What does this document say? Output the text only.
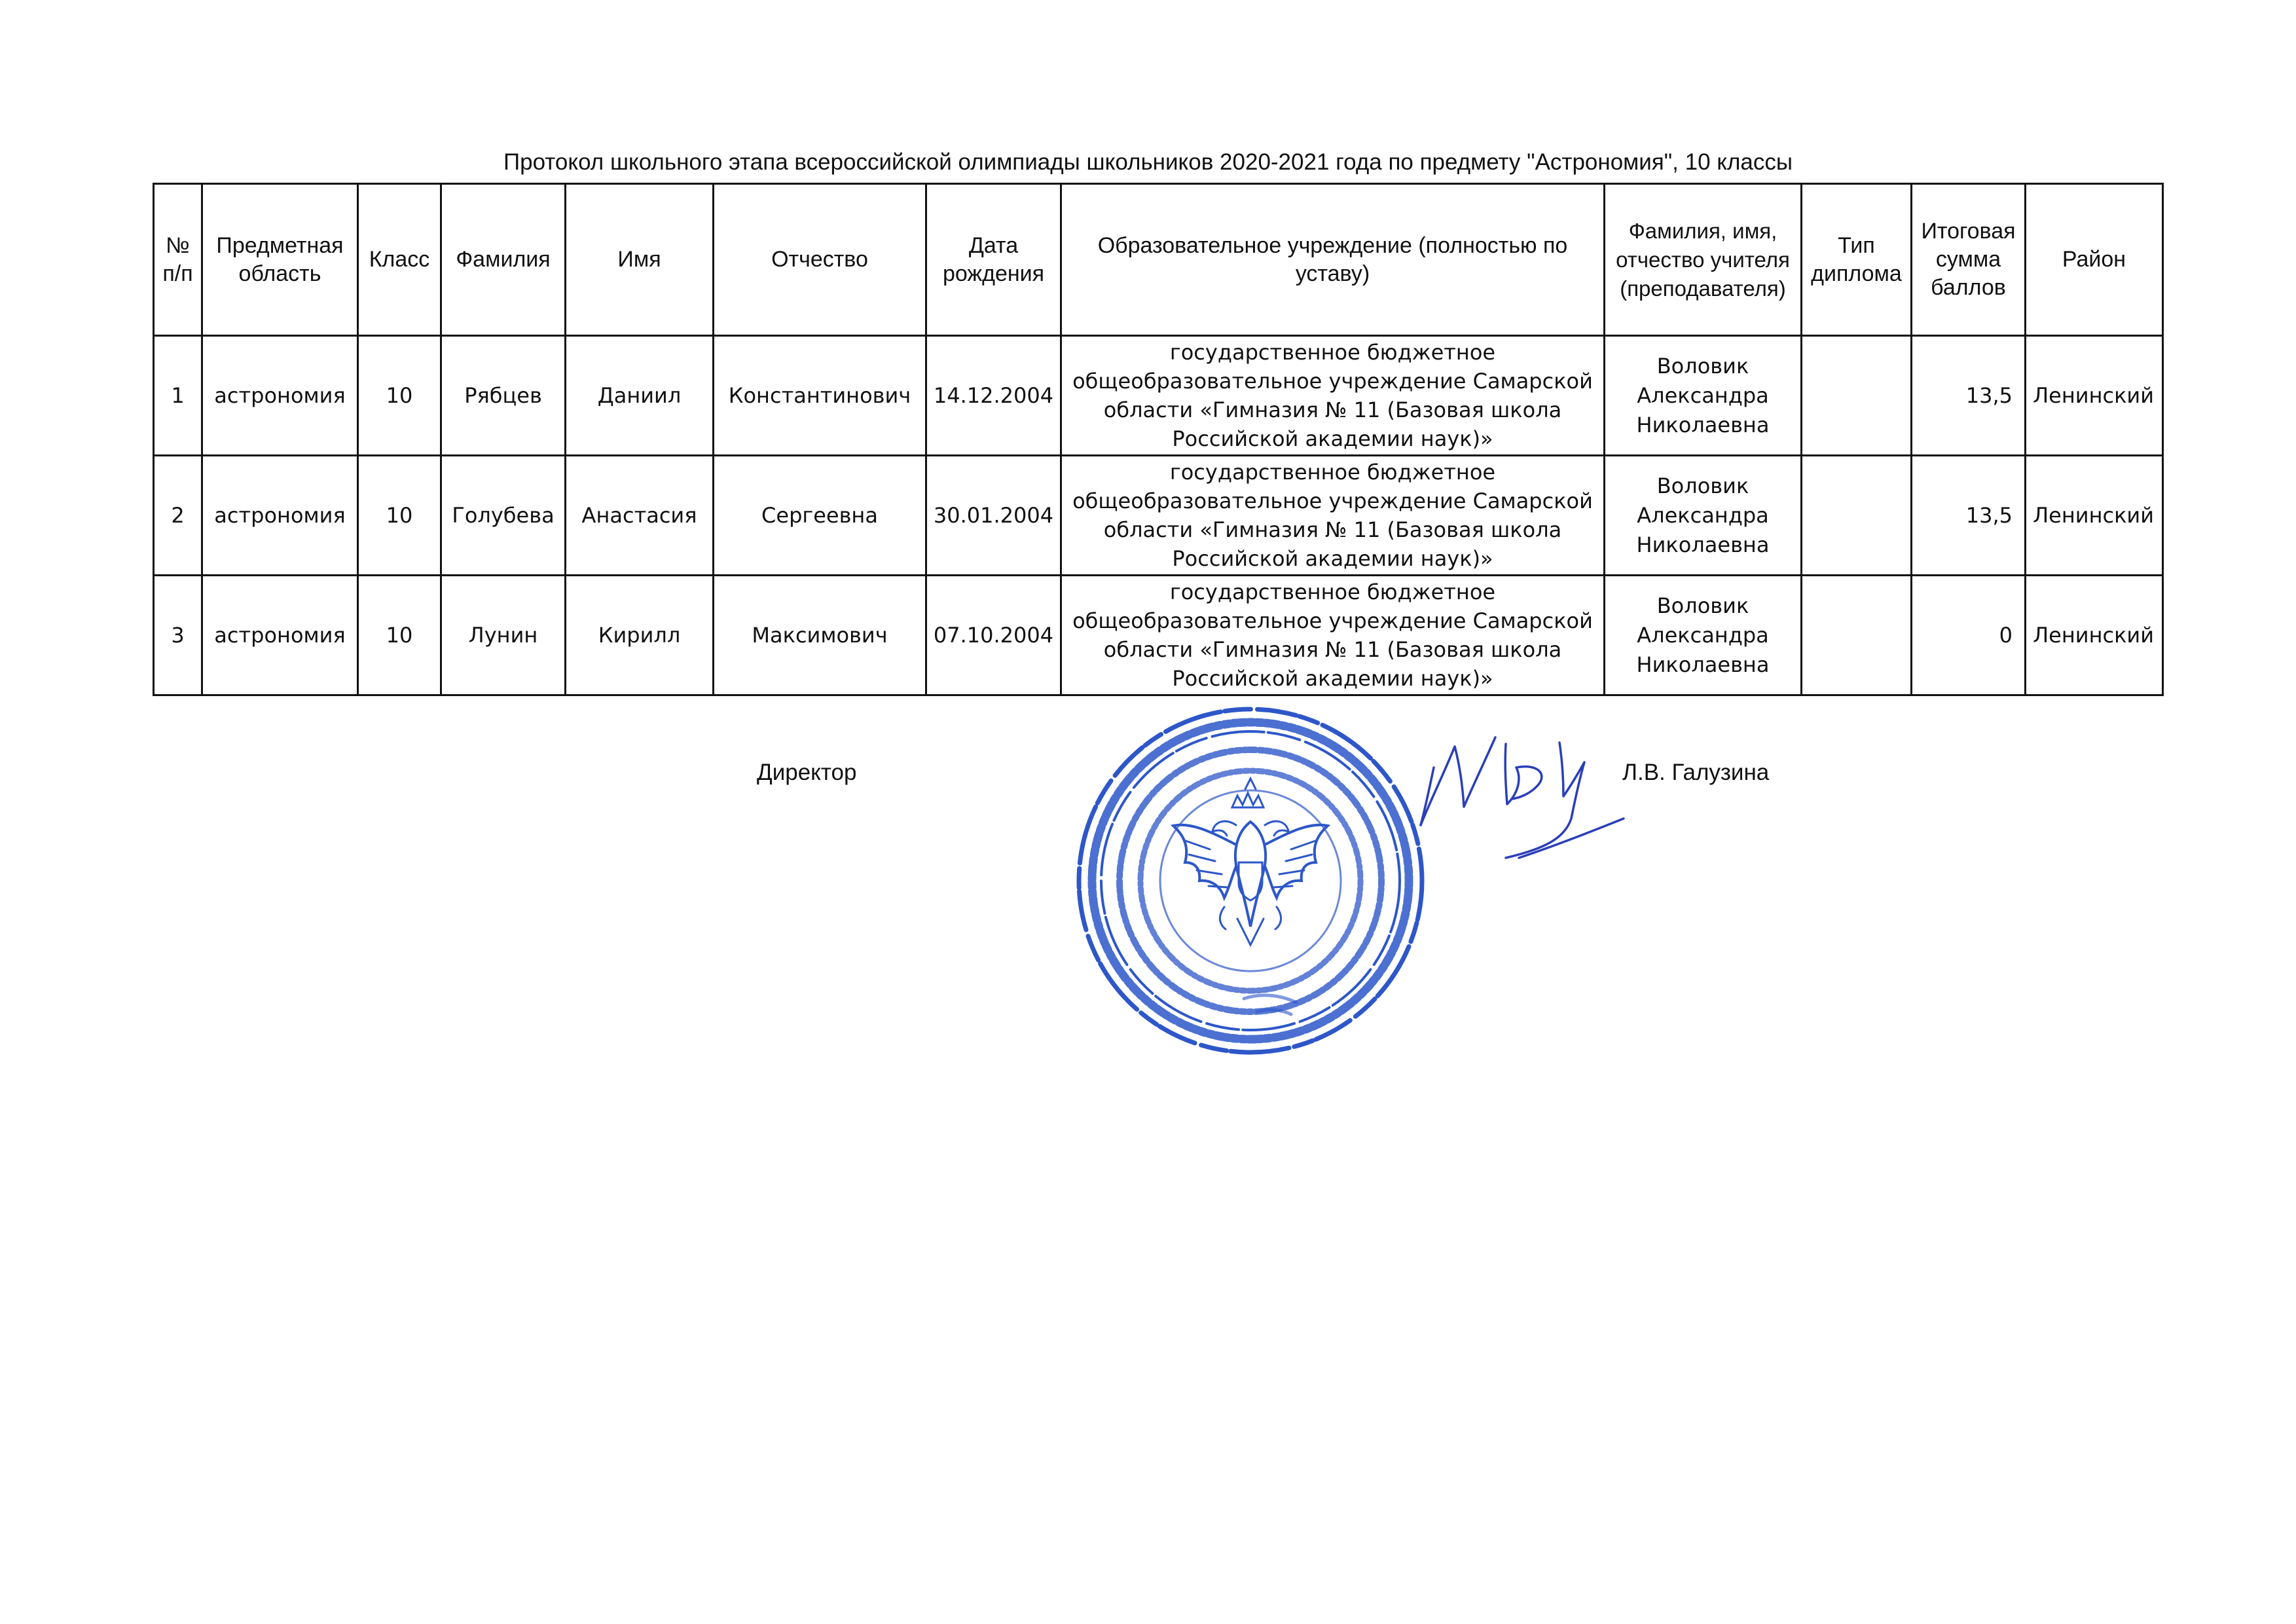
Протокол школьного этапа всероссийской олимпиады школьников 2020-2021 года по предмету "Астрономия", 10 классы
№ п/п	Предметная область	Класс	Фамилия	Имя	Отчество	Дата рождения	Образовательное учреждение (полностью по уставу)	Фамилия, имя, отчество учителя (преподавателя)	Тип диплома	Итоговая сумма баллов	Район
1	астрономия	10	Рябцев	Даниил	Константинович	14.12.2004	государственное бюджетное общеобразовательное учреждение Самарской области «Гимназия № 11 (Базовая школа Российской академии наук)»	Воловик Александра Николаевна		13,5	Ленинский
2	астрономия	10	Голубева	Анастасия	Сергеевна	30.01.2004	государственное бюджетное общеобразовательное учреждение Самарской области «Гимназия № 11 (Базовая школа Российской академии наук)»	Воловик Александра Николаевна		13,5	Ленинский
3	астрономия	10	Лунин	Кирилл	Максимович	07.10.2004	государственное бюджетное общеобразовательное учреждение Самарской области «Гимназия № 11 (Базовая школа Российской академии наук)»	Воловик Александра Николаевна		0	Ленинский
Директор	Л.В. Галузина
